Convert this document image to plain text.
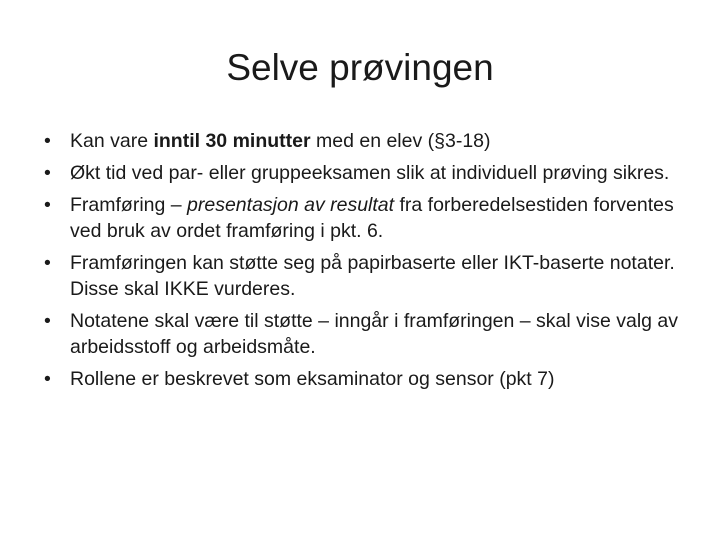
Selve prøvingen
• Kan vare inntil 30 minutter med en elev (§3-18)
• Økt tid ved par- eller gruppeeksamen slik at individuell prøving sikres.
• Framføring – presentasjon av resultat fra forberedelsestiden forventes ved bruk av ordet framføring i pkt. 6.
• Framføringen kan støtte seg på papirbaserte eller IKT-baserte notater.   Disse skal IKKE vurderes.
• Notatene skal være til støtte – inngår i framføringen – skal vise valg av arbeidsstoff og arbeidsmåte.
• Rollene er beskrevet som eksaminator og sensor (pkt 7)
